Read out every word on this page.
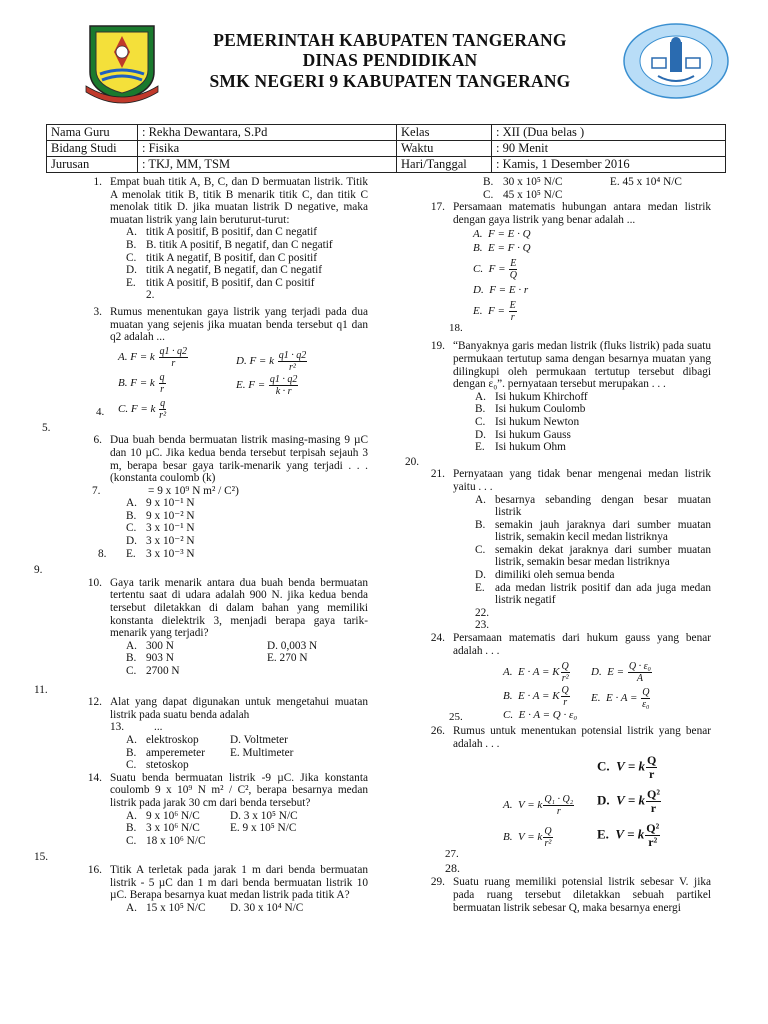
PEMERINTAH KABUPATEN TANGERANG
DINAS PENDIDIKAN
SMK NEGERI 9 KABUPATEN TANGERANG
Nama Guru	: Rekha Dewantara, S.Pd	Kelas	: XII (Dua belas )
Bidang Studi	: Fisika	Waktu	: 90 Menit
Jurusan	: TKJ, MM, TSM	Hari/Tanggal	: Kamis, 1 Desember 2016
1. Empat buah titik A, B, C, dan D bermuatan listrik. Titik A menolak titik B, titik B menarik titik C, dan titik C menolak titik D. jika muatan listrik D negative, maka muatan listrik yang lain beruturut-turut:
A. titik A positif, B positif, dan C negatif
B. B. titik A positif, B negatif, dan C negatif
C. titik A negatif, B positif, dan C positif
D. titik A negatif, B negatif, dan C negatif
E. titik A positif, B positif, dan C positif
2.
3. Rumus menentukan gaya listrik yang terjadi pada dua muatan yang sejenis jika muatan benda tersebut q1 dan q2 adalah ...
A. F = k $\frac{q1 \cdot q2}{r}$	D. F = k $\frac{q1 \cdot q2}{\text{r²}}$
B. F = k $\frac{q}{r}$	E. $F = \frac{q1 \cdot q2}{k \cdot r}$
C. F = k $\frac{q}{\text{r²}}$
4.
5.
6. Dua buah benda bermuatan listrik masing-masing 9 µC dan 10 µC. Jika kedua benda tersebut terpisah sejauh 3 m, berapa besar gaya tarik-menarik yang terjadi . . . (konstanta coulomb (k)
7.	= 9 x 10⁹ N m² / C²)
A. 9 x 10⁻¹ N
B. 9 x 10⁻² N
C. 3 x 10⁻¹ N
D. 3 x 10⁻² N
8.	E. 3 x 10⁻³ N
9.
10. Gaya tarik menarik antara dua buah benda bermuatan tertentu saat di udara adalah 900 N. jika kedua benda tersebut diletakkan di dalam bahan yang memiliki konstanta dielektrik 3, menjadi berapa gaya tarik-menarik yang terjadi?
A. 300 N	D. 0,003 N
B. 903 N	E. 270 N
C. 2700 N
11.
12. Alat yang dapat digunakan untuk mengetahui muatan listrik pada suatu benda adalah
13.	...
A. elektroskop	D. Voltmeter
B. amperemeter E. Multimeter
C. stetoskop
14. Suatu benda bermuatan listrik -9 µC. Jika konstanta coulomb 9 x 10⁹ N m² / C², berapa besarnya medan listrik pada jarak 30 cm dari benda tersebut?
A. 9 x 10⁶ N/C	D. 3 x 10⁵ N/C
B. 3 x 10⁶ N/C	E. 9 x 10⁵ N/C
C. 18 x 10⁶ N/C
15.
16. Titik A terletak pada jarak 1 m dari benda bermuatan listrik - 5 µC dan 1 m dari benda bermuatan listrik 10 µC. Berapa besarnya kuat medan listrik pada titik A?
A. 15 x 10⁵ N/C D. 30 x 10⁴ N/C
B. 30 x 10⁵ N/C	E. 45 x 10⁴ N/C
C. 45 x 10⁵ N/C
17. Persamaan matematis hubungan antara medan listrik dengan gaya listrik yang benar adalah ...
A.  F = E · Q
B.  E = F · Q
C.  $F = \frac{E}{Q}$
D.  F = E · r
E.  $F = \frac{E}{r}$
18.
19. “Banyaknya garis medan listrik (fluks listrik) pada suatu permukaan tertutup sama dengan besarnya muatan yang dilingkupi oleh permukaan tertutup tersebut dibagi dengan ε₀”. pernyataan tersebut merupakan . . .
A. Isi hukum Khirchoff
B. Isi hukum Coulomb
C. Isi hukum Newton
D. Isi hukum Gauss
E. Isi hukum Ohm
20.
21. Pernyataan yang tidak benar mengenai medan listrik yaitu . . .
A. besarnya sebanding dengan besar muatan listrik
B. semakin jauh jaraknya dari sumber muatan listrik, semakin kecil medan listriknya
C. semakin dekat jaraknya dari sumber muatan listrik, semakin besar medan listriknya
D. dimiliki oleh semua benda
E. ada medan listrik positif dan ada juga medan listrik negatif
22.
23.
24. Persamaan matematis dari hukum gauss yang benar adalah . . .
A.  E · A = K $\frac{Q}{\text{r²}} D$.  $E = \frac{\text{Q · ε₀}}{A}$
B.  E · A = K $\frac{Q}{r} E$.  $E \cdot A = \frac{Q}{\text{ε₀}}$
C.  E · A = Q · ε₀
25.
26. Rumus untuk menentukan potensial listrik yang benar adalah . . .
C.  V = k $\frac{Q}{r}$
A.  V = k $\frac{\text{Q₁ · Q₂}}{r} D$.  V = k $\frac{\text{Q²}}{r}$
B.  V = k $\frac{Q}{\text{r²}}$	E.  V = k $\frac{\text{Q²}}{\text{r²}}$
27.
28.
29. Suatu ruang memiliki potensial listrik sebesar V. jika pada ruang tersebut diletakkan sebuah partikel bermuatan listrik sebesar Q, maka besarnya energi
